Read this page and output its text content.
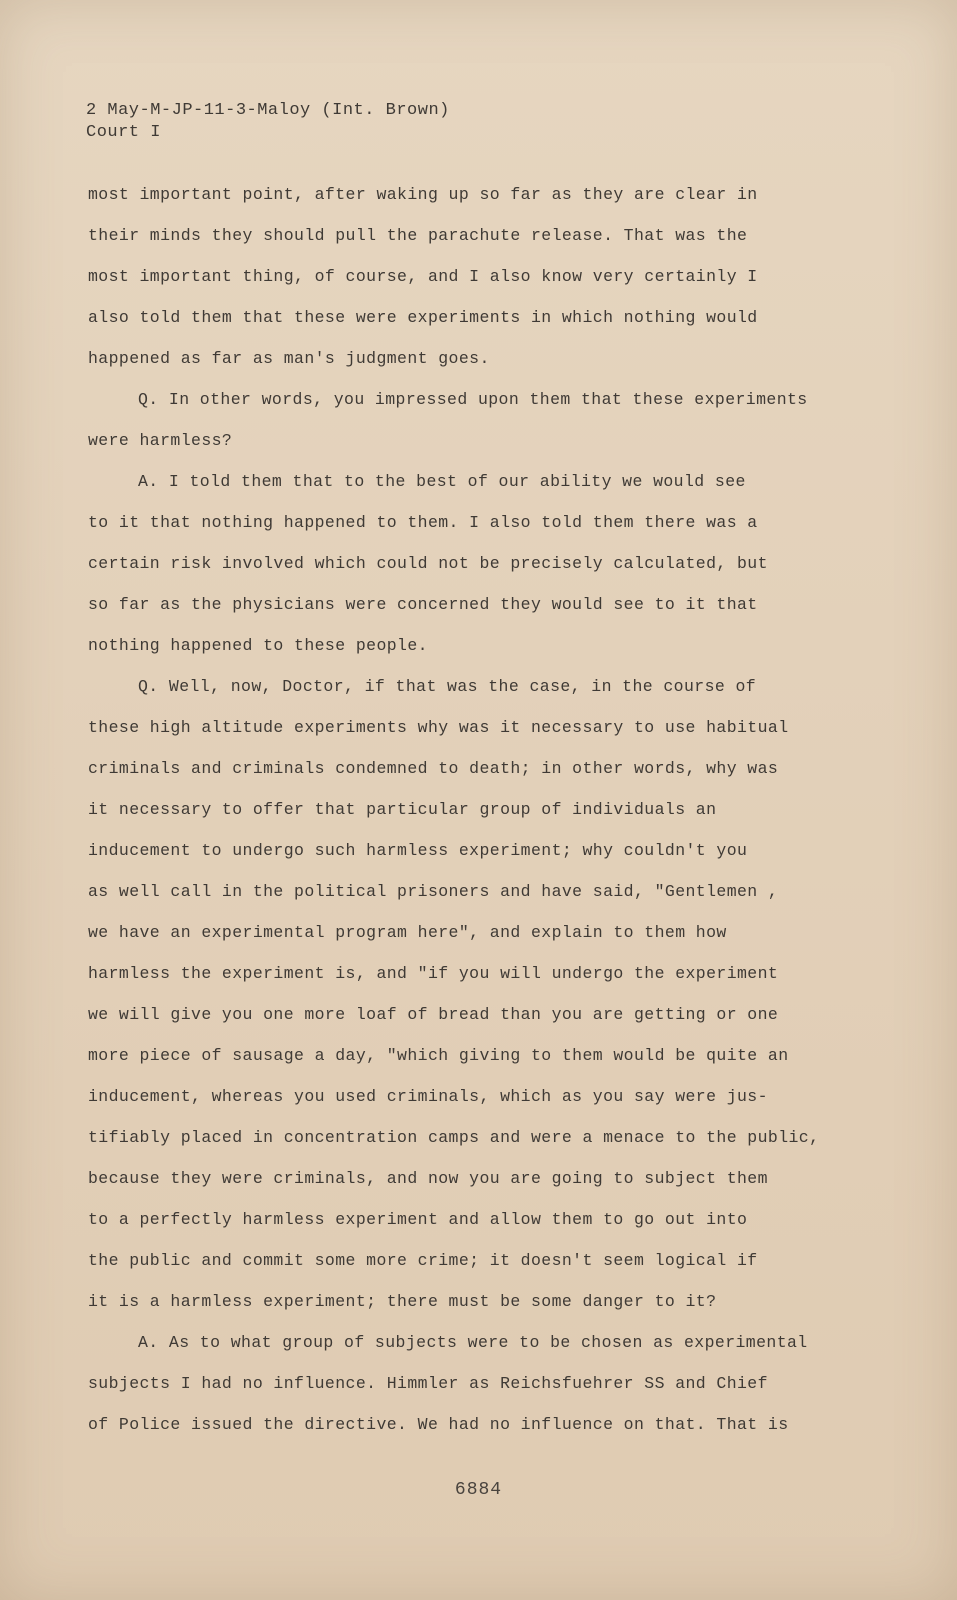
2 May-M-JP-11-3-Maloy (Int. Brown)
Court I
most important point, after waking up so far as they are clear in
their minds they should pull the parachute release. That was the
most important thing, of course, and I also know very certainly I
also told them that these were experiments in which nothing would
happened as far as man's judgment goes.
Q. In other words, you impressed upon them that these experiments
were harmless?
A. I told them that to the best of our ability we would see
to it that nothing happened to them. I also told them there was a
certain risk involved which could not be precisely calculated, but
so far as the physicians were concerned they would see to it that
nothing happened to these people.
Q. Well, now, Doctor, if that was the case, in the course of
these high altitude experiments why was it necessary to use habitual
criminals and criminals condemned to death; in other words, why was
it necessary to offer that particular group of individuals an
inducement to undergo such harmless experiment; why couldn't you
as well call in the political prisoners and have said, "Gentlemen ,
we have an experimental program here", and explain to them how
harmless the experiment is, and "if you will undergo the experiment
we will give you one more loaf of bread than you are getting or one
more piece of sausage a day, "which giving to them would be quite an
inducement, whereas you used criminals, which as you say were jus-
tifiably placed in concentration camps and were a menace to the public,
because they were criminals, and now you are going to subject them
to a perfectly harmless experiment and allow them to go out into
the public and commit some more crime; it doesn't seem logical if
it is a harmless experiment; there must be some danger to it?
A. As to what group of subjects were to be chosen as experimental
subjects I had no influence. Himmler as Reichsfuehrer SS and Chief
of Police issued the directive. We had no influence on that. That is
6884
